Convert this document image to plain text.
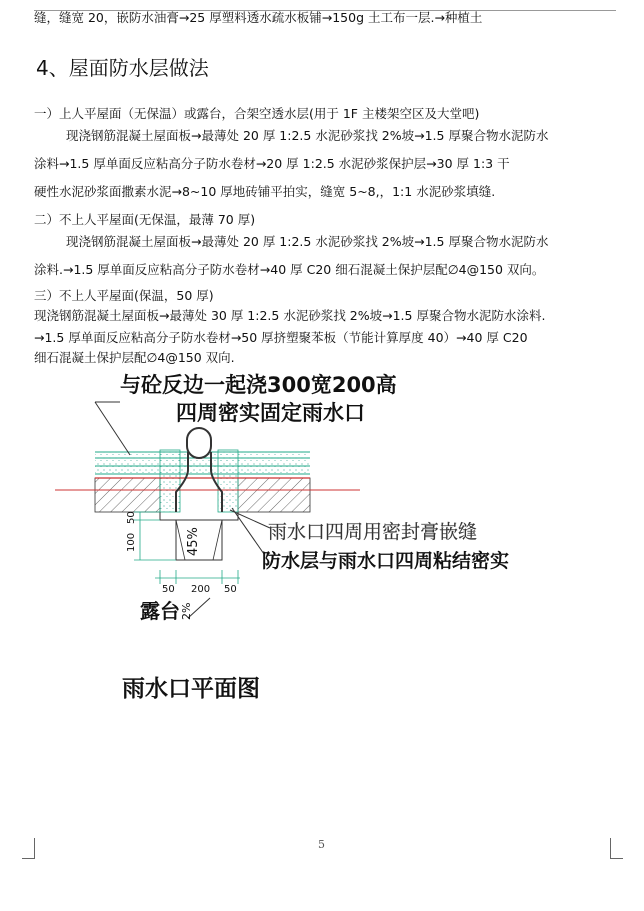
缝，缝宽 20，嵌防水油膏→25 厚塑料透水疏水板铺→150g 土工布一层.→种植土
4、屋面防水层做法
一）上人平屋面（无保温）或露台，合架空透水层(用于 1F 主楼架空区及大堂吧)
现浇钢筋混凝土屋面板→最薄处 20 厚 1:2.5 水泥砂浆找 2%坡→1.5 厚聚合物水泥防水
涂料→1.5 厚单面反应粘高分子防水卷材→20 厚 1:2.5 水泥砂浆保护层→30 厚 1:3 干
硬性水泥砂浆面撒素水泥→8~10 厚地砖铺平拍实，缝宽 5~8,，1:1 水泥砂浆填缝.
二）不上人平屋面(无保温，最薄 70 厚)
现浇钢筋混凝土屋面板→最薄处 20 厚 1:2.5 水泥砂浆找 2%坡→1.5 厚聚合物水泥防水
涂料.→1.5 厚单面反应粘高分子防水卷材→40 厚 C20 细石混凝土保护层配∅4@150 双向。
三）不上人平屋面(保温，50 厚)
现浇钢筋混凝土屋面板→最薄处 30 厚 1:2.5 水泥砂浆找 2%坡→1.5 厚聚合物水泥防水涂料.
→1.5 厚单面反应粘高分子防水卷材→50 厚挤塑聚苯板（节能计算厚度 40）→40 厚 C20
细石混凝土保护层配∅4@150 双向.
与砼反边一起浇300宽200高
四周密实固定雨水口
雨水口四周用密封膏嵌缝
防水层与雨水口四周粘结密实
露台 2%
45%
50
100
50 200 50
雨水口平面图
5
